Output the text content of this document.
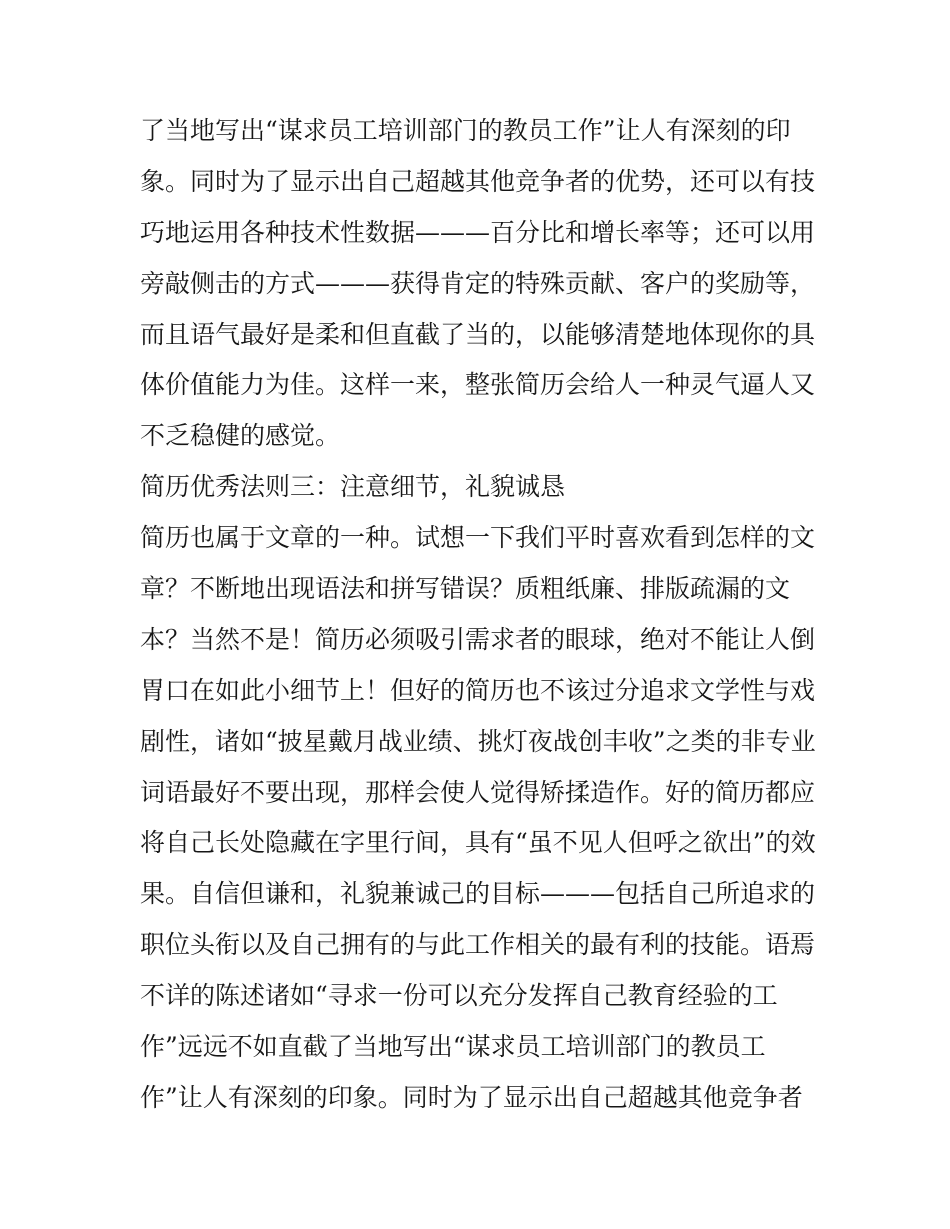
了当地写出“谋求员工培训部门的教员工作”让人有深刻的印
象。同时为了显示出自己超越其他竞争者的优势，还可以有技
巧地运用各种技术性数据———百分比和增长率等；还可以用
旁敲侧击的方式———获得肯定的特殊贡献、客户的奖励等，
而且语气最好是柔和但直截了当的，以能够清楚地体现你的具
体价值能力为佳。这样一来，整张简历会给人一种灵气逼人又
不乏稳健的感觉。
简历优秀法则三：注意细节，礼貌诚恳
简历也属于文章的一种。试想一下我们平时喜欢看到怎样的文
章？不断地出现语法和拼写错误？质粗纸廉、排版疏漏的文
本？当然不是！简历必须吸引需求者的眼球，绝对不能让人倒
胃口在如此小细节上！但好的简历也不该过分追求文学性与戏
剧性，诸如“披星戴月战业绩、挑灯夜战创丰收”之类的非专业
词语最好不要出现，那样会使人觉得矫揉造作。好的简历都应
将自己长处隐藏在字里行间，具有“虽不见人但呼之欲出”的效
果。自信但谦和，礼貌兼诚己的目标———包括自己所追求的
职位头衔以及自己拥有的与此工作相关的最有利的技能。语焉
不详的陈述诸如“寻求一份可以充分发挥自己教育经验的工
作”远远不如直截了当地写出“谋求员工培训部门的教员工
作”让人有深刻的印象。同时为了显示出自己超越其他竞争者
